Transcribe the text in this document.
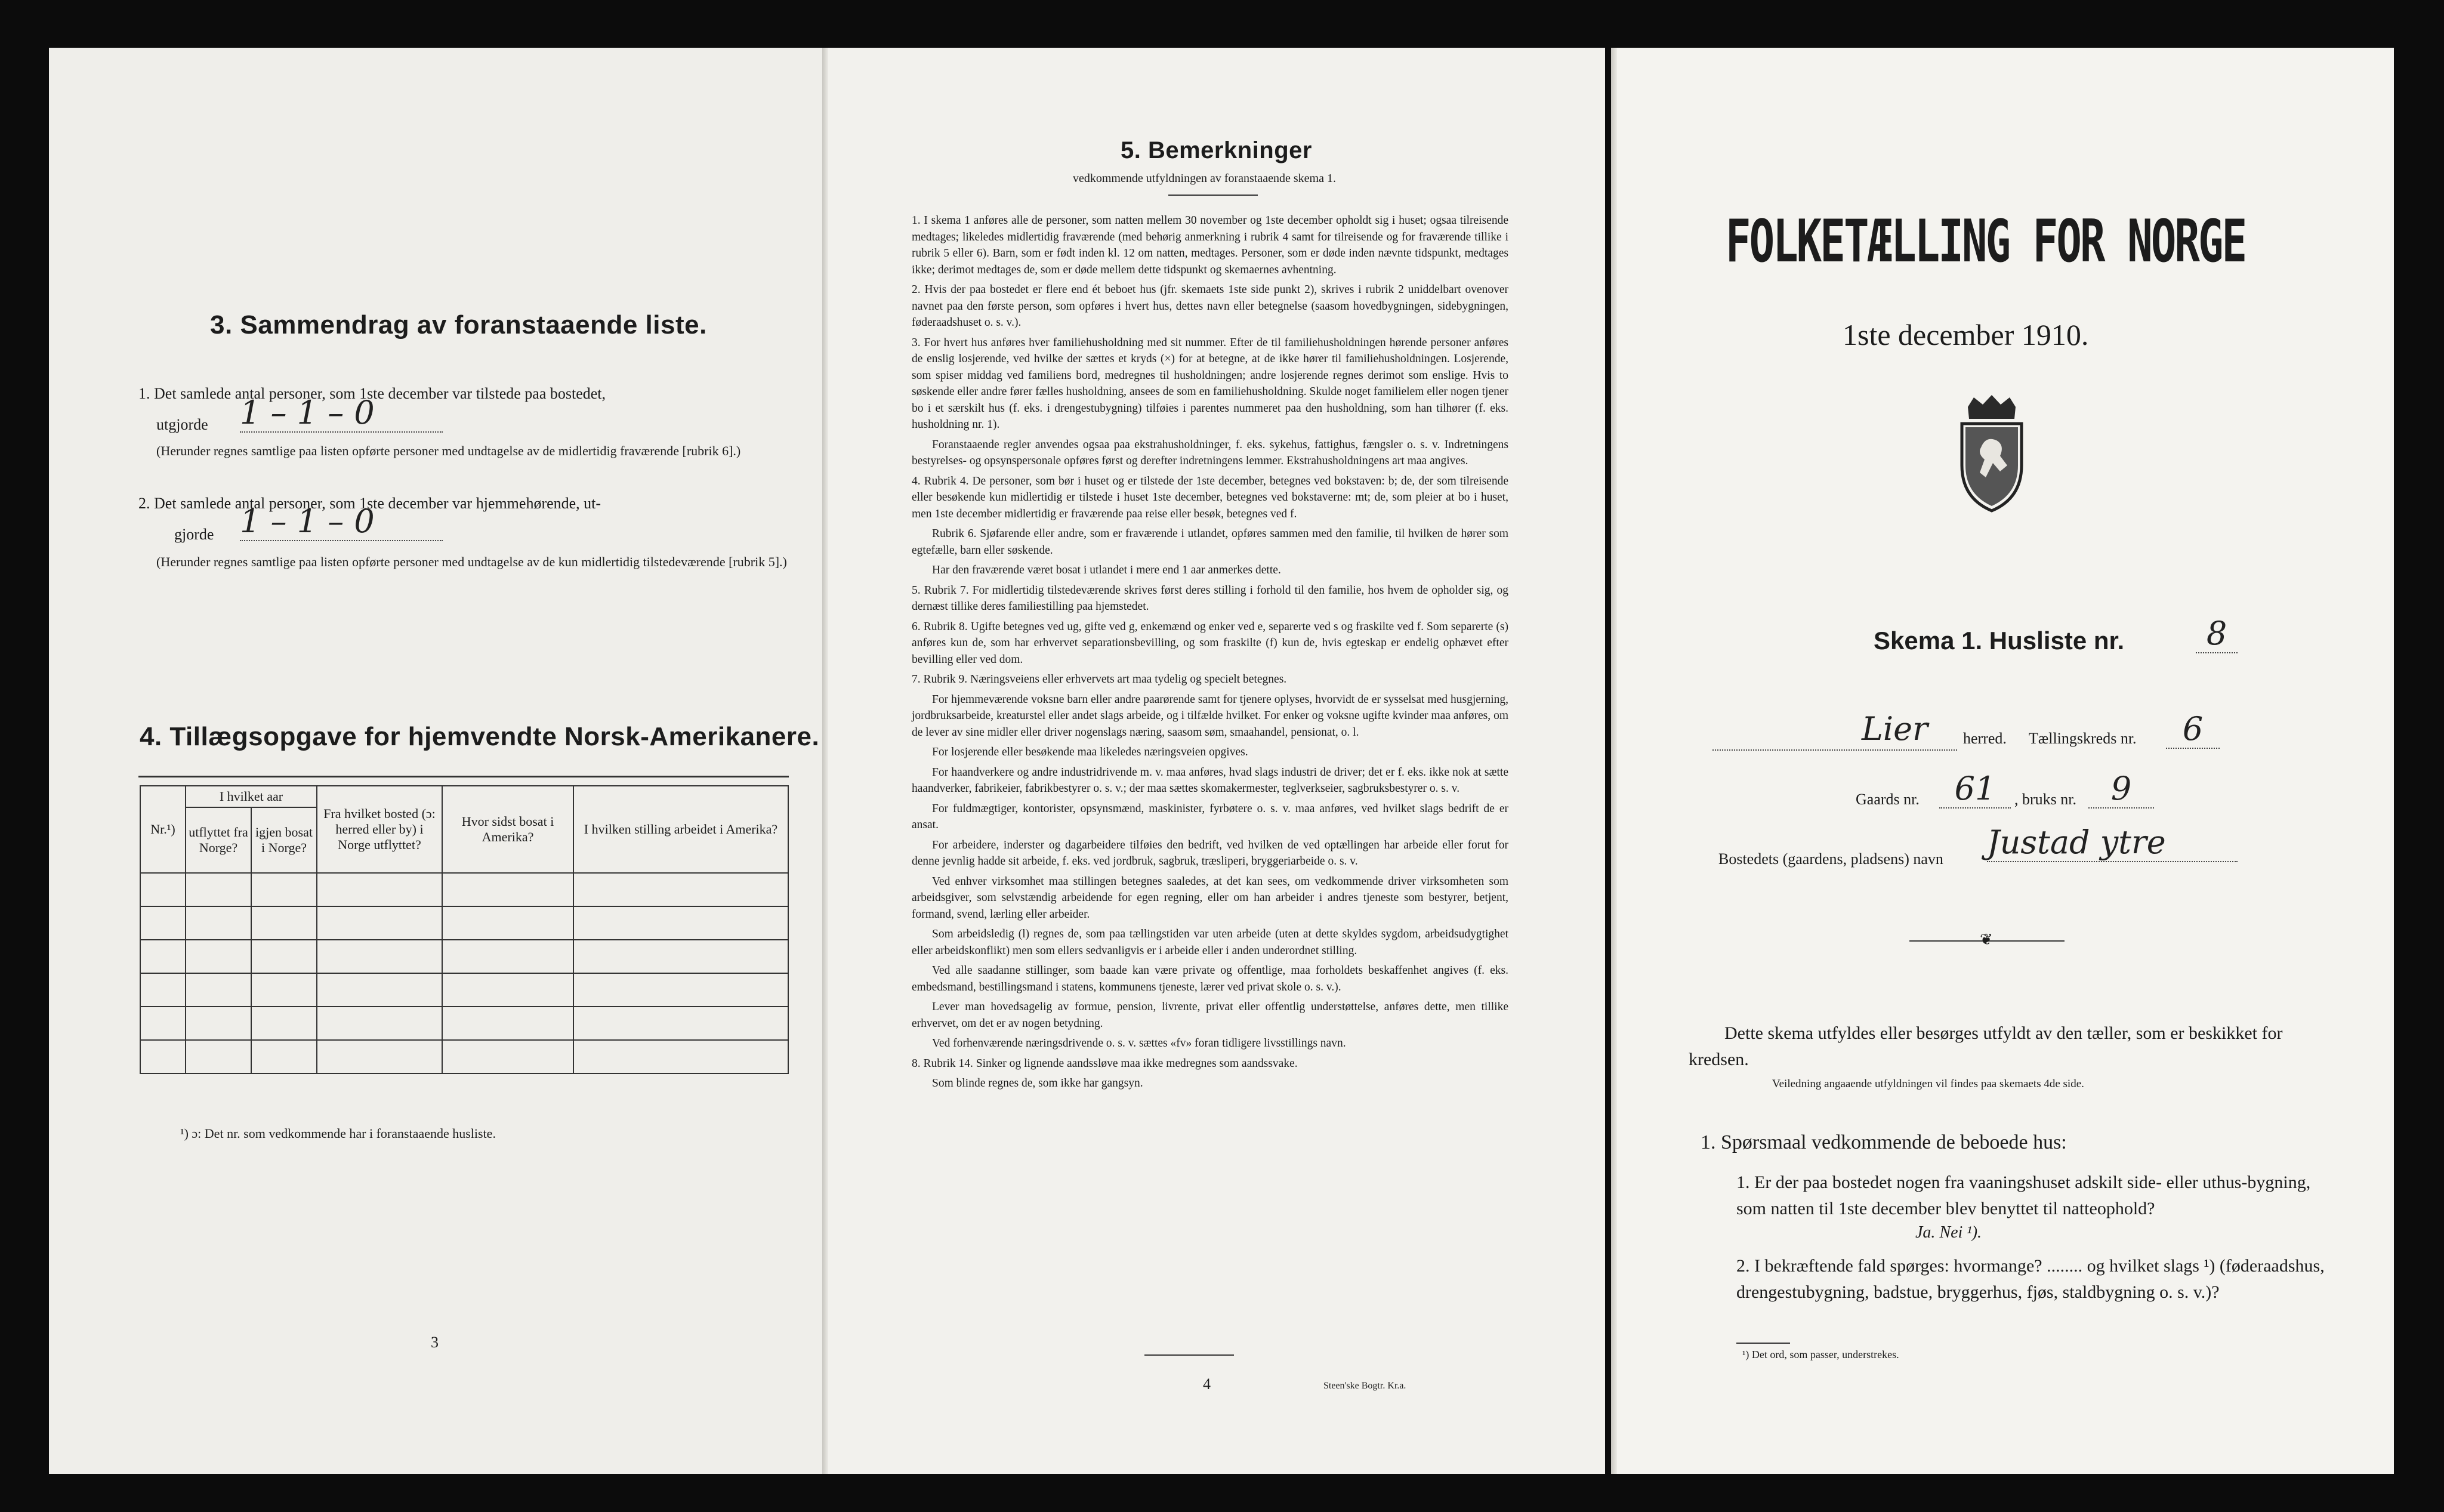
3. Sammendrag av foranstaaende liste.
1. Det samlede antal personer, som 1ste december var tilstede paa bostedet,
utgjorde 1 – 1 – 0
(Herunder regnes samtlige paa listen opførte personer med undtagelse av de midlertidig fraværende [rubrik 6].)
2. Det samlede antal personer, som 1ste december var hjemmehørende, ut-
gjorde 1 – 1 – 0
(Herunder regnes samtlige paa listen opførte personer med undtagelse av de kun midlertidig tilstedeværende [rubrik 5].)
4. Tillægsopgave for hjemvendte Norsk-Amerikanere.
Nr.¹)	I hvilket aar		Fra hvilket bosted (ɔ: herred eller by) i Norge utflyttet?	Hvor sidst bosat i Amerika?	I hvilken stilling arbeidet i Amerika?
	utflyttet fra Norge?	igjen bosat i Norge?			

¹) ɔ: Det nr. som vedkommende har i foranstaaende husliste.
3
5. Bemerkninger
vedkommende utfyldningen av foranstaaende skema 1.

1. I skema 1 anføres alle de personer, som natten mellem 30 november og 1ste december opholdt sig i huset; ogsaa tilreisende medtages; likeledes midlertidig fraværende (med behørig anmerkning i rubrik 4 samt for tilreisende og for fraværende tillike i rubrik 5 eller 6). Barn, som er født inden kl. 12 om natten, medtages. Personer, som er døde inden nævnte tidspunkt, medtages ikke; derimot medtages de, som er døde mellem dette tidspunkt og skemaernes avhentning.

2. Hvis der paa bostedet er flere end ét beboet hus (jfr. skemaets 1ste side punkt 2), skrives i rubrik 2 uniddelbart ovenover navnet paa den første person, som opføres i hvert hus, dettes navn eller betegnelse (saasom hovedbygningen, sidebygningen, føderaadshuset o. s. v.).

3. For hvert hus anføres hver familiehusholdning med sit nummer. Efter de til familiehusholdningen hørende personer anføres de enslig losjerende, ved hvilke der sættes et kryds (×) for at betegne, at de ikke hører til familiehusholdningen. Losjerende, som spiser middag ved familiens bord, medregnes til husholdningen; andre losjerende regnes derimot som enslige. Hvis to søskende eller andre fører fælles husholdning, ansees de som en familiehusholdning. Skulde noget familielem eller nogen tjener bo i et særskilt hus (f. eks. i drengestubygning) tilføies i parentes nummeret paa den husholdning, som han tilhører (f. eks. husholdning nr. 1).

Foranstaaende regler anvendes ogsaa paa ekstrahusholdninger, f. eks. sykehus, fattighus, fængsler o. s. v. Indretningens bestyrelses- og opsynspersonale opføres først og derefter indretningens lemmer. Ekstrahusholdningens art maa angives.

4. Rubrik 4. De personer, som bør i huset og er tilstede der 1ste december, betegnes ved bokstaven: b; de, der som tilreisende eller besøkende kun midlertidig er tilstede i huset 1ste december, betegnes ved bokstaverne: mt; de, som pleier at bo i huset, men 1ste december midlertidig er fraværende paa reise eller besøk, betegnes ved f.

Rubrik 6. Sjøfarende eller andre, som er fraværende i utlandet, opføres sammen med den familie, til hvilken de hører som egtefælle, barn eller søskende.

Har den fraværende været bosat i utlandet i mere end 1 aar anmerkes dette.

5. Rubrik 7. For midlertidig tilstedeværende skrives først deres stilling i forhold til den familie, hos hvem de opholder sig, og dernæst tillike deres familiestilling paa hjemstedet.

6. Rubrik 8. Ugifte betegnes ved ug, gifte ved g, enkemænd og enker ved e, separerte ved s og fraskilte ved f. Som separerte (s) anføres kun de, som har erhvervet separationsbevilling, og som fraskilte (f) kun de, hvis egteskap er endelig ophævet efter bevilling eller ved dom.

7. Rubrik 9. Næringsveiens eller erhvervets art maa tydelig og specielt betegnes.

For hjemmeværende voksne barn eller andre paarørende samt for tjenere oplyses, hvorvidt de er sysselsat med husgjerning, jordbruksarbeide, kreaturstel eller andet slags arbeide, og i tilfælde hvilket. For enker og voksne ugifte kvinder maa anføres, om de lever av sine midler eller driver nogenslags næring, saasom søm, smaahandel, pensionat, o. l.

For losjerende eller besøkende maa likeledes næringsveien opgives.

For haandverkere og andre industridrivende m. v. maa anføres, hvad slags industri de driver; det er f. eks. ikke nok at sætte haandverker, fabrikeier, fabrikbestyrer o. s. v.; der maa sættes skomakermester, teglverkseier, sagbruksbestyrer o. s. v.

For fuldmægtiger, kontorister, opsynsmænd, maskinister, fyrbøtere o. s. v. maa anføres, ved hvilket slags bedrift de er ansat.

For arbeidere, inderster og dagarbeidere tilføies den bedrift, ved hvilken de ved optællingen har arbeide eller forut for denne jevnlig hadde sit arbeide, f. eks. ved jordbruk, sagbruk, træsliperi, bryggeriarbeide o. s. v.

Ved enhver virksomhet maa stillingen betegnes saaledes, at det kan sees, om vedkommende driver virksomheten som arbeidsgiver, som selvstændig arbeidende for egen regning, eller om han arbeider i andres tjeneste som bestyrer, betjent, formand, svend, lærling eller arbeider.

Som arbeidsledig (l) regnes de, som paa tællingstiden var uten arbeide (uten at dette skyldes sygdom, arbeidsudygtighet eller arbeidskonflikt) men som ellers sedvanligvis er i arbeide eller i anden underordnet stilling.

Ved alle saadanne stillinger, som baade kan være private og offentlige, maa forholdets beskaffenhet angives (f. eks. embedsmand, bestillingsmand i statens, kommunens tjeneste, lærer ved privat skole o. s. v.).

Lever man hovedsagelig av formue, pension, livrente, privat eller offentlig understøttelse, anføres dette, men tillike erhvervet, om det er av nogen betydning.

Ved forhenværende næringsdrivende o. s. v. sættes «fv» foran tidligere livsstillings navn.

8. Rubrik 14. Sinker og lignende aandssløve maa ikke medregnes som aandssvake.

Som blinde regnes de, som ikke har gangsyn.

4	Steen'ske Bogtr. Kr.a.
FOLKETÆLLING FOR NORGE
1ste december 1910.
Skema 1. Husliste nr.	8
Lier herred. Tællingskreds nr.	6
Gaards nr.	61	, bruks nr.	9
Bostedets (gaardens, pladsens) navn Justad ytre
❦
Dette skema utfyldes eller besørges utfyldt av den tæller, som er beskikket for kredsen.
Veiledning angaaende utfyldningen vil findes paa skemaets 4de side.
1. Spørsmaal vedkommende de beboede hus:
1. Er der paa bostedet nogen fra vaaningshuset adskilt side- eller uthus-bygning, som natten til 1ste december blev benyttet til natteophold?
Ja. Nei ¹).
2. I bekræftende fald spørges: hvormange? ........ og hvilket slags ¹) (føderaadshus, drengestubygning, badstue, bryggerhus, fjøs, staldbygning o. s. v.)?
¹) Det ord, som passer, understrekes.
